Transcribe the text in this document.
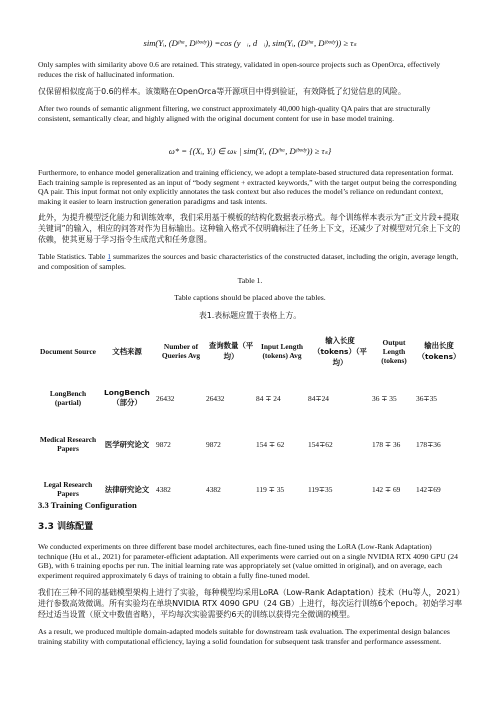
sim(Yᵢ, (Dʲʰᵃ, Dʲᵇᵒᵈʸ)) =cos (y⃗ᵢ, d⃗ᵢ), sim(Yᵢ, (Dʲʰᵃ, Dʲᵇᵒᵈʸ)) ≥ τₛ

Only samples with similarity above 0.6 are retained. This strategy, validated in open-source projects such as OpenOrca, effectively reduces the risk of hallucinated information.

仅保留相似度高于0.6的样本。该策略在OpenOrca等开源项目中得到验证，有效降低了幻觉信息的风险。

After two rounds of semantic alignment filtering, we construct approximately 40,000 high-quality QA pairs that are structurally consistent, semantically clear, and highly aligned with the original document content for use in base model training.

ω* = {(Xᵢ, Yᵢ) ∈ ωₖ | sim(Yᵢ, (Dʲʰᵃ, Dʲᵇᵒᵈʸ)) ≥ τₛ}

Furthermore, to enhance model generalization and training efficiency, we adopt a template-based structured data representation format. Each training sample is represented as an input of “body segment + extracted keywords,” with the target output being the corresponding QA pair. This input format not only explicitly annotates the task context but also reduces the model’s reliance on redundant context, making it easier to learn instruction generation paradigms and task intents.

此外，为提升模型泛化能力和训练效率，我们采用基于模板的结构化数据表示格式。每个训练样本表示为“正文片段+提取关键词”的输入，相应的问答对作为目标输出。这种输入格式不仅明确标注了任务上下文，还减少了对模型对冗余上下文的依赖，使其更易于学习指令生成范式和任务意图。

Table Statistics. Table 1 summarizes the sources and basic characteristics of the constructed dataset, including the origin, average length, and composition of samples.

Table 1.

Table captions should be placed above the tables.

表1.表标题应置于表格上方。

Document Source	文档来源	Number of Queries Avg	查询数量（平均）	Input Length (tokens) Avg	输入长度（tokens）（平均）	Output Length (tokens)	输出长度（tokens）
LongBench (partial)	LongBench（部分）	26432	26432	84 ∓ 24	84∓24	36 ∓ 35	36∓35
Medical Research Papers	医学研究论文	9872	9872	154 ∓ 62	154∓62	178 ∓ 36	178∓36
Legal Research Papers	法律研究论文	4382	4382	119 ∓ 35	119∓35	142 ∓ 69	142∓69
3.3 Training Configuration
3.3 训练配置

We conducted experiments on three different base model architectures, each fine-tuned using the LoRA (Low-Rank Adaptation) technique (Hu et al., 2021) for parameter-efficient adaptation. All experiments were carried out on a single NVIDIA RTX 4090 GPU (24 GB), with 6 training epochs per run. The initial learning rate was appropriately set (value omitted in original), and on average, each experiment required approximately 6 days of training to obtain a fully fine-tuned model.

我们在三种不同的基础模型架构上进行了实验，每种模型均采用LoRA（Low-Rank Adaptation）技术（Hu等人，2021）进行参数高效微调。所有实验均在单块NVIDIA RTX 4090 GPU（24 GB）上进行，每次运行训练6个epoch。初始学习率经过适当设置（原文中数值省略），平均每次实验需要约6天的训练以获得完全微调的模型。

As a result, we produced multiple domain-adapted models suitable for downstream task evaluation. The experimental design balances training stability with computational efficiency, laying a solid foundation for subsequent task transfer and performance assessment.
